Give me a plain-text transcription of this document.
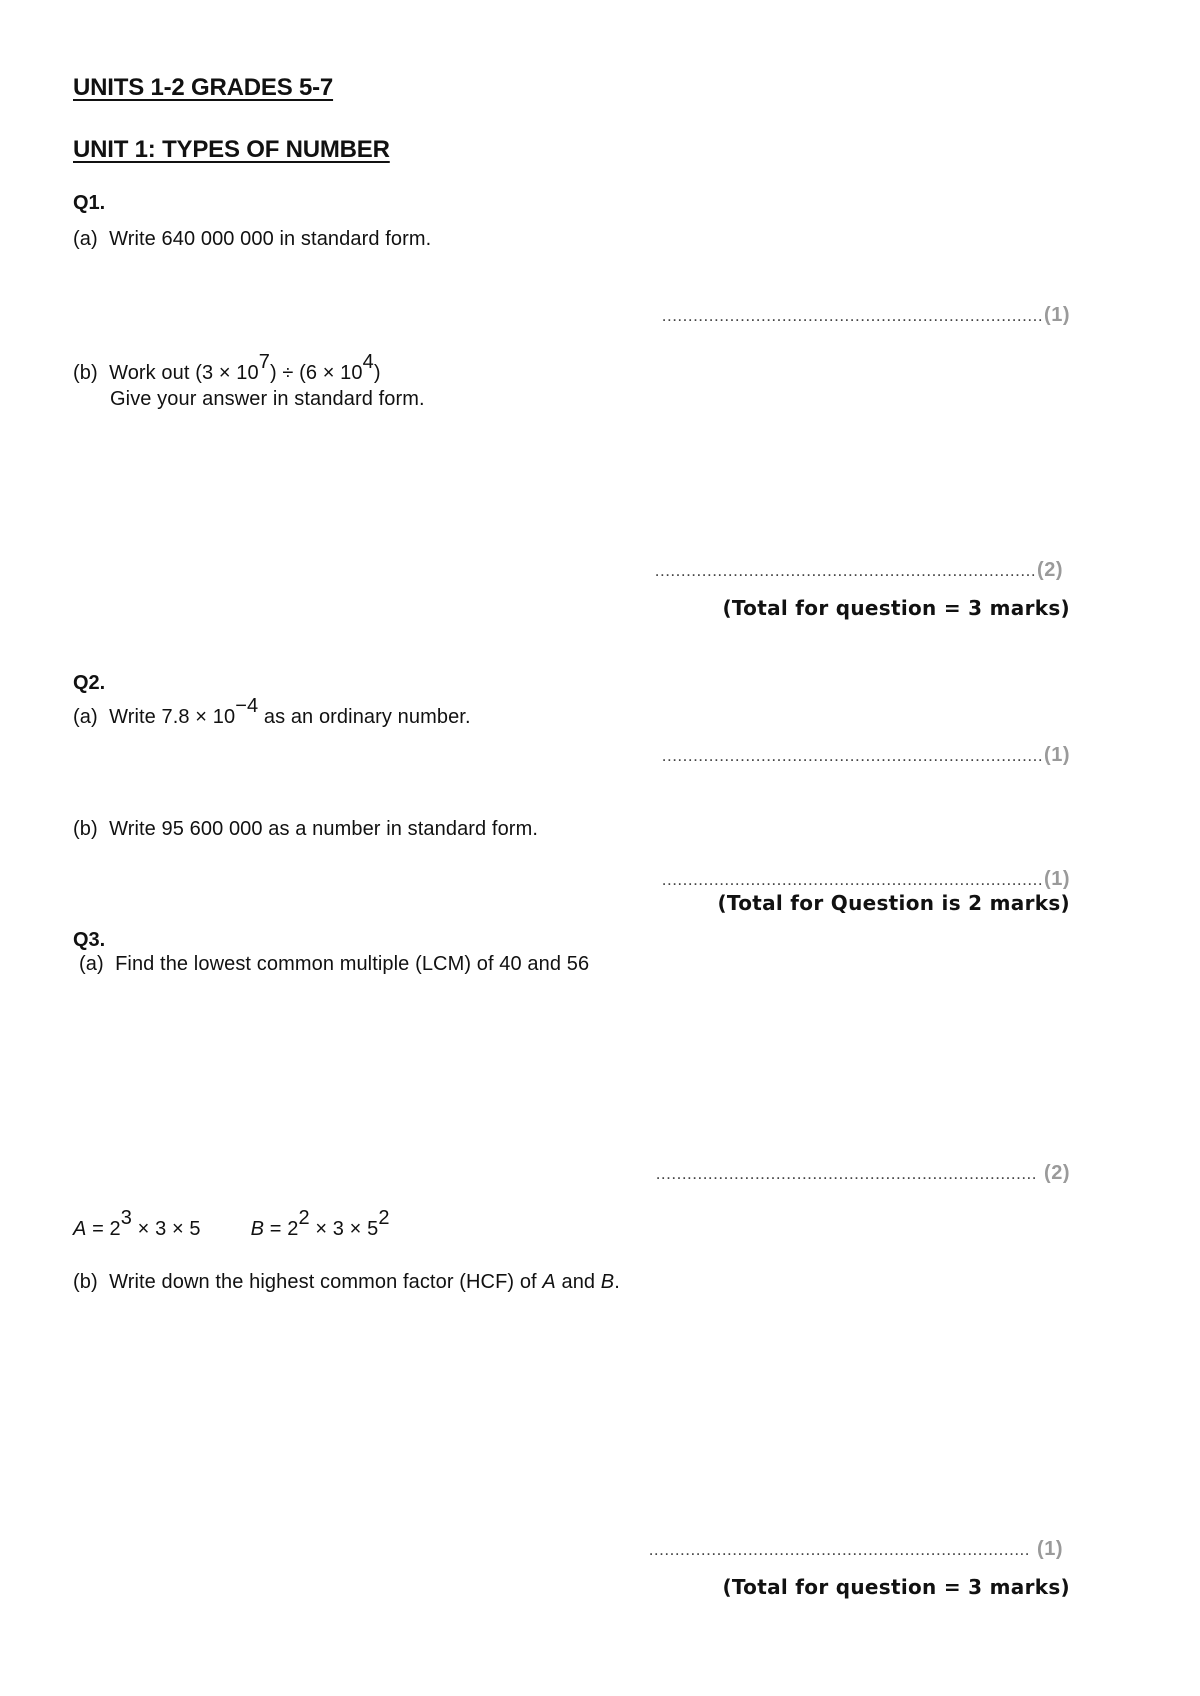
UNITS 1-2 GRADES 5-7
UNIT 1: TYPES OF NUMBER
Q1.
(a) Write 640 000 000 in standard form.
.........................................................................(1)
(b) Work out $(3 \times 10^7) \div (6 \times 10^4)$
Give your answer in standard form.
.........................................................................(2)
(Total for question = 3 marks)
Q2.
(a) Write $7.8 \times 10^{-4}$ as an ordinary number.
.........................................................................(1)
(b) Write 95 600 000 as a number in standard form.
.........................................................................(1)
(Total for Question is 2 marks)
Q3.
(a) Find the lowest common multiple (LCM) of 40 and 56
......................................................................... (2)
$A = 2^3 \times 3 \times 5$	$B = 2^2 \times 3 \times 5^2$
(b) Write down the highest common factor (HCF) of A and B.
......................................................................... (1)
(Total for question = 3 marks)
